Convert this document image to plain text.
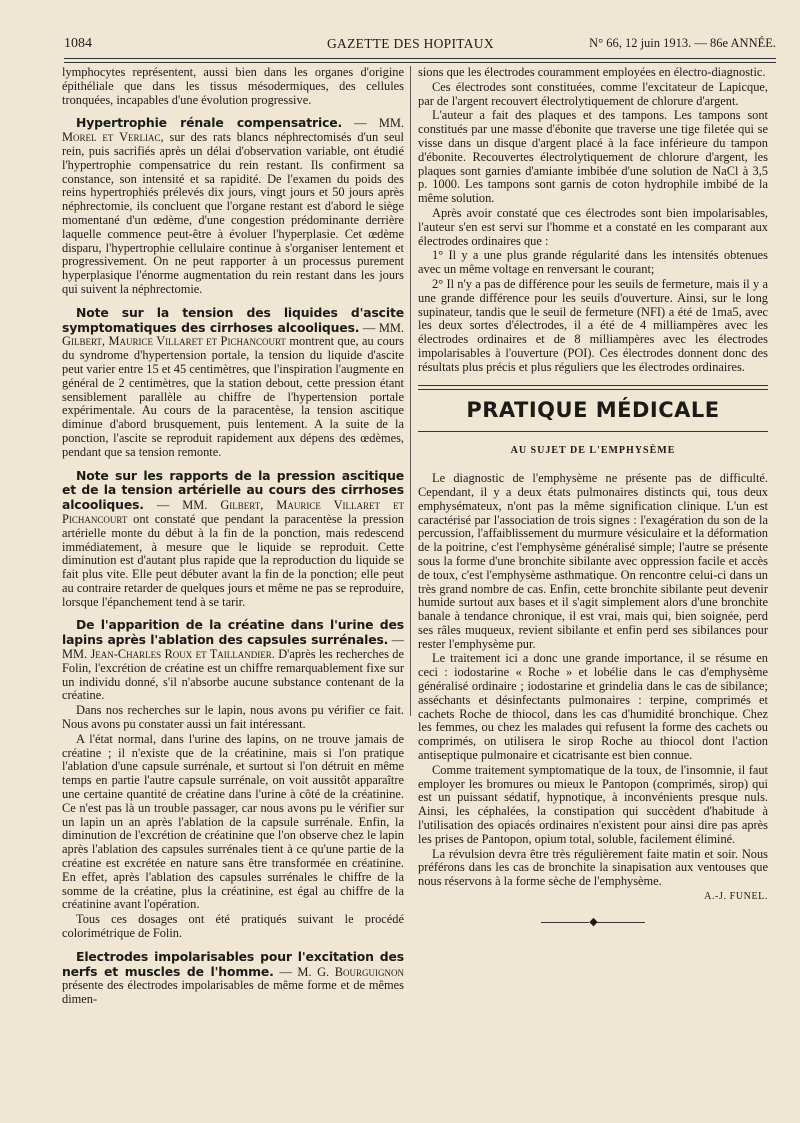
1084	GAZETTE DES HOPITAUX	N° 66, 12 juin 1913. — 86e ANNÉE.

lymphocytes représentent, aussi bien dans les organes d'origine épithéliale que dans les tissus mésodermiques, des cellules tronquées, incapables d'une évolution progressive.

Hypertrophie rénale compensatrice. — MM. Morel et Verliac, sur des rats blancs néphrectomisés d'un seul rein, puis sacrifiés après un délai d'observation variable, ont étudié l'hypertrophie compensatrice du rein restant. Ils confirment sa constance, son intensité et sa rapidité. De l'examen du poids des reins hypertrophiés prélevés dix jours, vingt jours et 50 jours après néphrectomie, ils concluent que l'organe restant est d'abord le siège momentané d'un œdème, d'une congestion prédominante derrière laquelle commence peut-être à évoluer l'hyperplasie. Cet œdème disparu, l'hypertrophie cellulaire continue à s'organiser lentement et progressivement. On ne peut rapporter à un processus purement hyperplasique l'énorme augmentation du rein restant dans les jours qui suivent la néphrectomie.

Note sur la tension des liquides d'ascite symptomatiques des cirrhoses alcooliques. — MM. Gilbert, Maurice Villaret et Pichancourt montrent que, au cours du syndrome d'hypertension portale, la tension du liquide d'ascite peut varier entre 15 et 45 centimètres, que l'inspiration l'augmente en général de 2 centimètres, que la station debout, cette pression étant sensiblement parallèle au chiffre de l'hypertension portale expérimentale. Au cours de la paracentèse, la tension ascitique diminue d'abord brusquement, puis lentement. A la suite de la ponction, l'ascite se reproduit rapidement aux dépens des œdèmes, pendant que sa tension remonte.

Note sur les rapports de la pression ascitique et de la tension artérielle au cours des cirrhoses alcooliques. — MM. Gilbert, Maurice Villaret et Pichancourt ont constaté que pendant la paracentèse la pression artérielle monte du début à la fin de la ponction, mais redescend immédiatement, à mesure que le liquide se reproduit. Cette diminution est d'autant plus rapide que la reproduction du liquide se fait plus vite. Elle peut débuter avant la fin de la ponction; elle peut au contraire retarder de quelques jours et même ne pas se reproduire, lorsque l'épanchement tend à se tarir.

De l'apparition de la créatine dans l'urine des lapins après l'ablation des capsules surrénales. — MM. Jean-Charles Roux et Taillandier. D'après les recherches de Folin, l'excrétion de créatine est un chiffre remarquablement fixe sur un individu donné, s'il n'absorbe aucune substance contenant de la créatine.

Dans nos recherches sur le lapin, nous avons pu vérifier ce fait. Nous avons pu constater aussi un fait intéressant.

A l'état normal, dans l'urine des lapins, on ne trouve jamais de créatine ; il n'existe que de la créatinine, mais si l'on pratique l'ablation d'une capsule surrénale, et surtout si l'on détruit en même temps en partie l'autre capsule surrénale, on voit aussitôt apparaître une certaine quantité de créatine dans l'urine à côté de la créatinine. Ce n'est pas là un trouble passager, car nous avons pu le vérifier sur un lapin un an après l'ablation de la capsule surrénale. Enfin, la diminution de l'excrétion de créatinine que l'on observe chez le lapin après l'ablation des capsules surrénales tient à ce qu'une partie de la créatine est excrétée en nature sans être transformée en créatinine. En effet, après l'ablation des capsules surrénales le chiffre de la somme de la créatine, plus la créatinine, est égal au chiffre de la créatinine avant l'opération.

Tous ces dosages ont été pratiqués suivant le procédé colorimétrique de Folin.

Electrodes impolarisables pour l'excitation des nerfs et muscles de l'homme. — M. G. Bourguignon présente des électrodes impolarisables de même forme et de mêmes dimen-

sions que les électrodes couramment employées en électro-diagnostic.

Ces électrodes sont constituées, comme l'excitateur de Lapicque, par de l'argent recouvert électrolytiquement de chlorure d'argent.

L'auteur a fait des plaques et des tampons. Les tampons sont constitués par une masse d'ébonite que traverse une tige filetée qui se visse dans un disque d'argent placé à la face inférieure du tampon d'ébonite. Recouvertes électrolytiquement de chlorure d'argent, les plaques sont garnies d'amiante imbibée d'une solution de NaCl à 3,5 p. 1000. Les tampons sont garnis de coton hydrophile imbibé de la même solution.

Après avoir constaté que ces électrodes sont bien impolarisables, l'auteur s'en est servi sur l'homme et a constaté en les comparant aux électrodes ordinaires que :

1° Il y a une plus grande régularité dans les intensités obtenues avec un même voltage en renversant le courant;

2° Il n'y a pas de différence pour les seuils de fermeture, mais il y a une grande différence pour les seuils d'ouverture. Ainsi, sur le long supinateur, tandis que le seuil de fermeture (NFI) a été de 1ma5, avec les deux sortes d'électrodes, il a été de 4 milliampères avec les électrodes ordinaires et de 8 milliampères avec les électrodes impolarisables à l'ouverture (POI). Ces électrodes donnent donc des résultats plus précis et plus réguliers que les électrodes ordinaires.

PRATIQUE MÉDICALE
AU SUJET DE L'EMPHYSÈME

Le diagnostic de l'emphysème ne présente pas de difficulté. Cependant, il y a deux états pulmonaires distincts qui, tous deux emphysémateux, n'ont pas la même signification clinique. L'un est caractérisé par l'association de trois signes : l'exagération du son de la percussion, l'affaiblissement du murmure vésiculaire et la déformation de la poitrine, c'est l'emphysème généralisé simple; l'autre se présente sous la forme d'une bronchite sibilante avec oppression facile et accès de toux, c'est l'emphysème asthmatique. On rencontre celui-ci dans un très grand nombre de cas. Enfin, cette bronchite sibilante peut devenir humide surtout aux bases et il s'agit simplement alors d'une bronchite banale à tendance chronique, il est vrai, mais qui, bien soignée, perd ses râles muqueux, revient sibilante et enfin perd ses sibilances pour rester l'emphysème pur.

Le traitement ici a donc une grande importance, il se résume en ceci : iodostarine « Roche » et lobélie dans le cas d'emphysème généralisé ordinaire ; iodostarine et grindelia dans le cas de sibilance; asséchants et désinfectants pulmonaires : terpine, comprimés et cachets Roche de thiocol, dans les cas d'humidité bronchique. Chez les femmes, ou chez les malades qui refusent la forme des cachets ou comprimés, on utilisera le sirop Roche au thiocol dont l'action antiseptique pulmonaire et cicatrisante est bien connue.

Comme traitement symptomatique de la toux, de l'insomnie, il faut employer les bromures ou mieux le Pantopon (comprimés, sirop) qui est un puissant sédatif, hypnotique, à inconvénients presque nuls. Ainsi, les céphalées, la constipation qui succèdent d'habitude à l'utilisation des opiacés ordinaires n'existent pour ainsi dire pas après les prises de Pantopon, opium total, soluble, facilement éliminé.

La révulsion devra être très régulièrement faite matin et soir. Nous préférons dans les cas de bronchite la sinapisation aux ventouses que nous réservons à la forme sèche de l'emphysème.

A.-J. FUNEL.
◆
